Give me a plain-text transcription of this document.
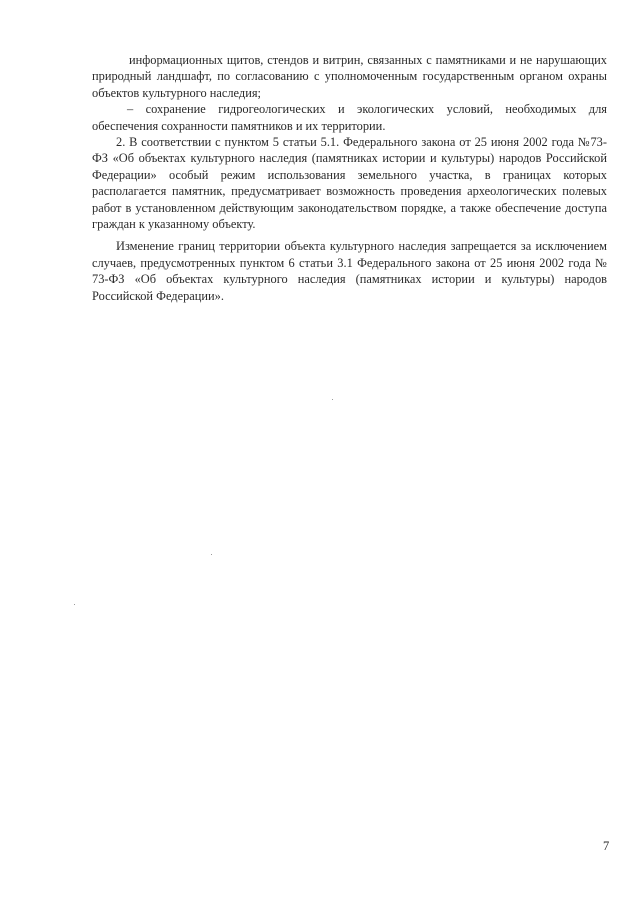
информационных щитов, стендов и витрин, связанных с памятниками и не нарушающих природный ландшафт, по согласованию с уполномоченным государственным органом охраны объектов культурного наследия;

– сохранение гидрогеологических и экологических условий, необходимых для обеспечения сохранности памятников и их территории.

2. В соответствии с пунктом 5 статьи 5.1. Федерального закона от 25 июня 2002 года №73-ФЗ «Об объектах культурного наследия (памятниках истории и культуры) народов Российской Федерации» особый режим использования земельного участка, в границах которых располагается памятник, предусматривает возможность проведения археологических полевых работ в установленном действующим законодательством порядке, а также обеспечение доступа граждан к указанному объекту.

Изменение границ территории объекта культурного наследия запрещается за исключением случаев, предусмотренных пунктом 6 статьи 3.1 Федерального закона от 25 июня 2002 года № 73-ФЗ «Об объектах культурного наследия (памятниках истории и культуры) народов Российской Федерации».

7
